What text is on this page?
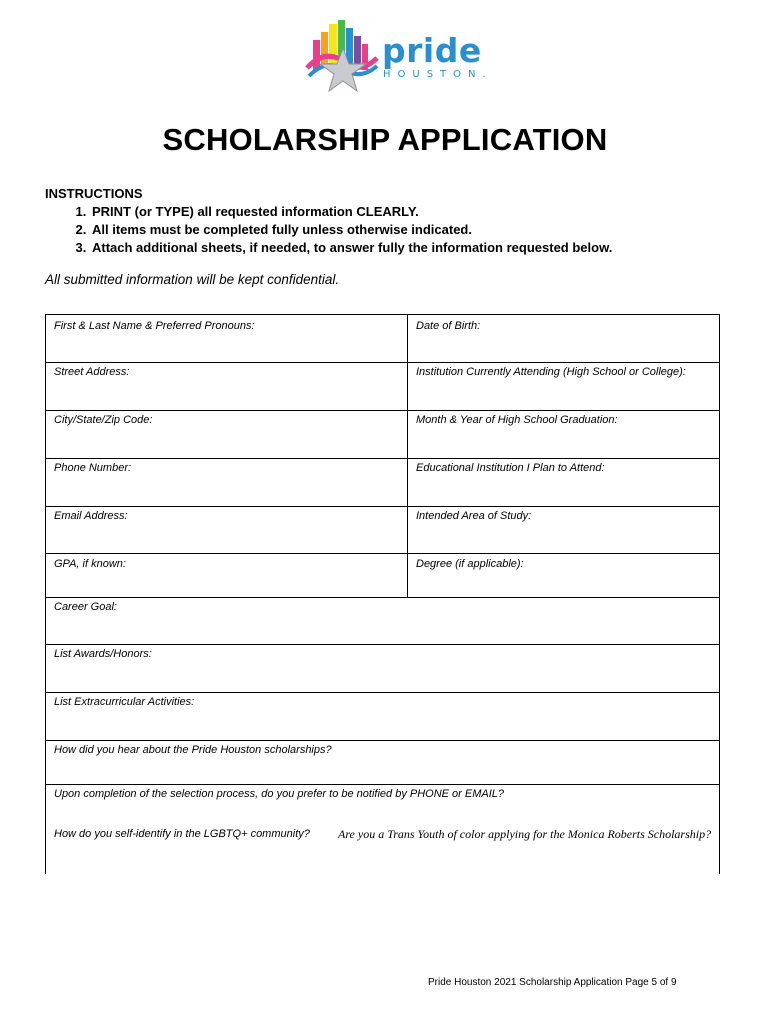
pride
HOUSTON.
SCHOLARSHIP APPLICATION
INSTRUCTIONS
1. PRINT (or TYPE) all requested information CLEARLY.
2. All items must be completed fully unless otherwise indicated.
3. Attach additional sheets, if needed, to answer fully the information requested below.
All submitted information will be kept confidential.
First & Last Name & Preferred Pronouns:
Street Address:
City/State/Zip Code:
Phone Number:
Email Address:
GPA, if known:
Date of Birth:
Institution Currently Attending (High School or College):
Month & Year of High School Graduation:
Educational Institution I Plan to Attend:
Intended Area of Study:
Degree (if applicable):
Career Goal:
List Awards/Honors:
List Extracurricular Activities:
How did you hear about the Pride Houston scholarships?
Upon completion of the selection process, do you prefer to be notified by PHONE or EMAIL?
How do you self-identify in the LGBTQ+ community? Are you a Trans Youth of color applying for the Monica Roberts Scholarship?
Pride Houston 2021 Scholarship Application Page 5 of 9
